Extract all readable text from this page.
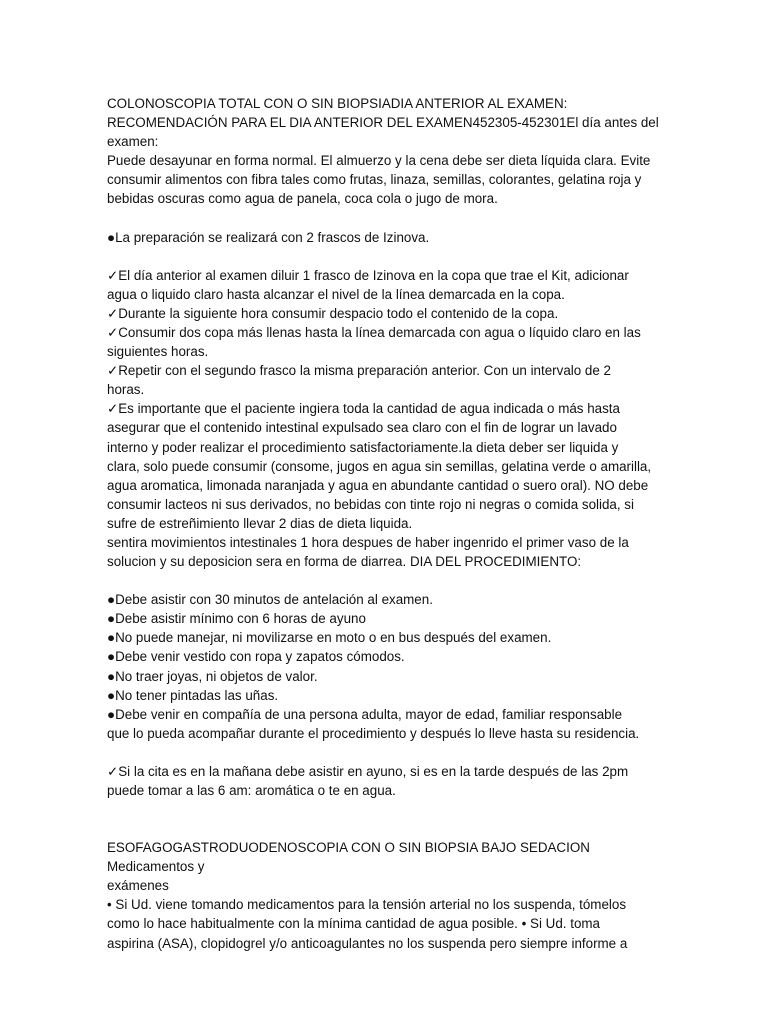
COLONOSCOPIA TOTAL CON O SIN BIOPSIADIA ANTERIOR AL EXAMEN:

RECOMENDACIÓN PARA EL DIA ANTERIOR DEL EXAMEN452305-452301El día antes del

examen:

Puede desayunar en forma normal. El almuerzo y la cena debe ser dieta líquida clara. Evite

consumir alimentos con fibra tales como frutas, linaza, semillas, colorantes, gelatina roja y

bebidas oscuras como agua de panela, coca cola o jugo de mora.

●La preparación se realizará con 2 frascos de Izinova.

✓El día anterior al examen diluir 1 frasco de Izinova en la copa que trae el Kit, adicionar

agua o liquido claro hasta alcanzar el nivel de la línea demarcada en la copa.

✓Durante la siguiente hora consumir despacio todo el contenido de la copa.

✓Consumir dos copa más llenas hasta la línea demarcada con agua o líquido claro en las

siguientes horas.

✓Repetir con el segundo frasco la misma preparación anterior. Con un intervalo de 2

horas.

✓Es importante que el paciente ingiera toda la cantidad de agua indicada o más hasta

asegurar que el contenido intestinal expulsado sea claro con el fin de lograr un lavado

interno y poder realizar el procedimiento satisfactoriamente.la dieta deber ser liquida y

clara, solo puede consumir (consome, jugos en agua sin semillas, gelatina verde o amarilla,

agua aromatica, limonada naranjada y agua en abundante cantidad o suero oral). NO debe

consumir lacteos ni sus derivados, no bebidas con tinte rojo ni negras o comida solida, si

sufre de estreñimiento llevar 2 dias de dieta liquida.

sentira movimientos intestinales 1 hora despues de haber ingenrido el primer vaso de la

solucion y su deposicion sera en forma de diarrea. DIA DEL PROCEDIMIENTO:

●Debe asistir con 30 minutos de antelación al examen.

●Debe asistir mínimo con 6 horas de ayuno

●No puede manejar, ni movilizarse en moto o en bus después del examen.

●Debe venir vestido con ropa y zapatos cómodos.

●No traer joyas, ni objetos de valor.

●No tener pintadas las uñas.

●Debe venir en compañía de una persona adulta, mayor de edad, familiar responsable

que lo pueda acompañar durante el procedimiento y después lo lleve hasta su residencia.

✓Si la cita es en la mañana debe asistir en ayuno, si es en la tarde después de las 2pm

puede tomar a las 6 am: aromática o te en agua.

ESOFAGOGASTRODUODENOSCOPIA CON O SIN BIOPSIA BAJO SEDACION  Medicamentos y

exámenes

• Si Ud. viene tomando medicamentos para la tensión arterial no los suspenda, tómelos

como lo hace habitualmente con la mínima cantidad de agua posible. • Si Ud. toma

aspirina (ASA), clopidogrel y/o anticoagulantes no los suspenda pero siempre informe a
